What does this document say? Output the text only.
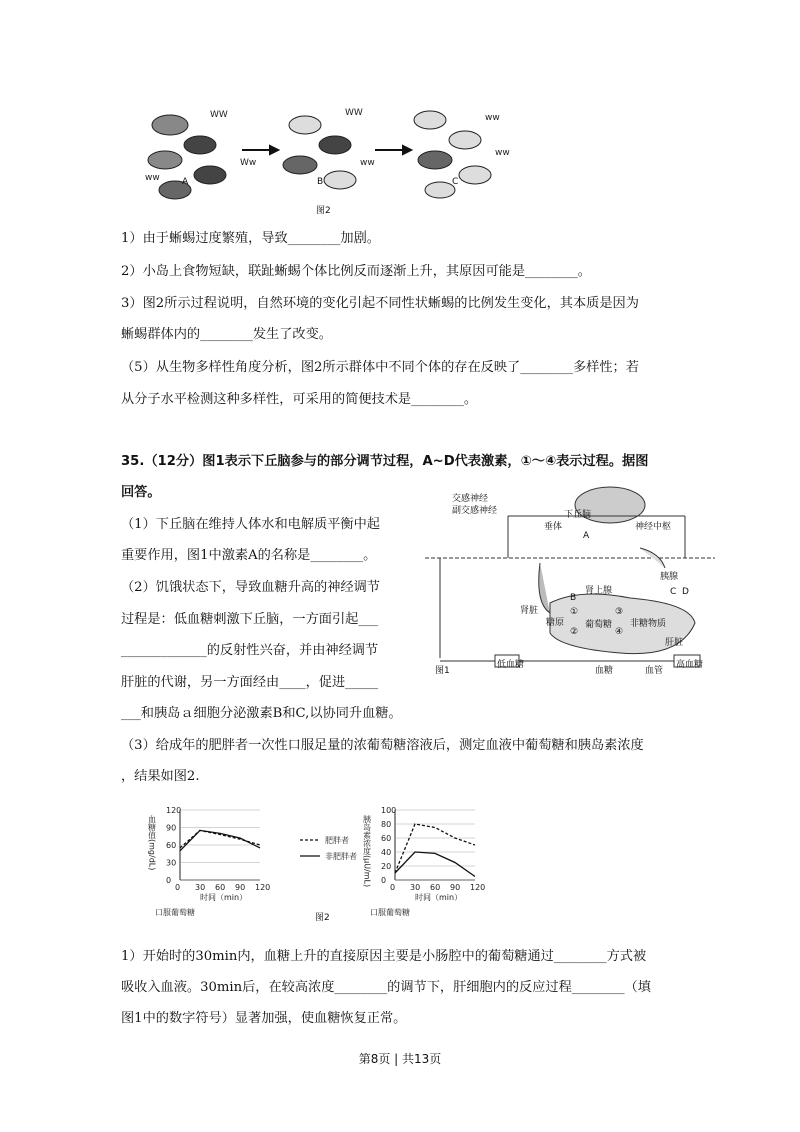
WW
Ww
ww
WW
ww
ww
ww
A	B	C
图2
1）由于蜥蜴过度繁殖，导致________加剧。
2）小岛上食物短缺，联趾蜥蜴个体比例反而逐渐上升，其原因可能是________。
3）图2所示过程说明，自然环境的变化引起不同性状蜥蜴的比例发生变化，其本质是因为
蜥蜴群体内的________发生了改变。
（5）从生物多样性角度分析，图2所示群体中不同个体的存在反映了________多样性；若
从分子水平检测这种多样性，可采用的简便技术是________。
35.（12分）图1表示下丘脑参与的部分调节过程，A~D代表激素，①～④表示过程。据图
回答。
（1）下丘脑在维持人体水和电解质平衡中起
重要作用，图1中激素A的名称是________。
（2）饥饿状态下，导致血糖升高的神经调节
过程是：低血糖刺激下丘脑，一方面引起___
_____________的反射性兴奋，并由神经调节
肝脏的代谢，另一方面经由____，促进_____
___和胰岛ａ细胞分泌激素B和C,以协同升血糖。
（3）给成年的肥胖者一次性口服足量的浓葡萄糖溶液后，测定血液中葡萄糖和胰岛素浓度
，结果如图2.
交感神经
副交感神经	下丘脑
垂体
A
神经中枢
肾上腺
胰腺
肾脏
糖原 葡萄糖 非糖物质
肝脏
低血糖
血糖	血管
高血糖
B
C D
①
②
③
④
图1
0
30
60
90
120
0 30 60 90 120
时间（min）
血糖值(mg/dL)
口服葡萄糖
0
20
40
60
80
100
0 30 60 90 120
时间（min）
胰岛素浓度(μU/mL)
口服葡萄糖
肥胖者
非肥胖者
图2
1）开始时的30min内，血糖上升的直接原因主要是小肠腔中的葡萄糖通过________方式被
吸收入血液。30min后，在较高浓度________的调节下，肝细胞内的反应过程________（填
图1中的数字符号）显著加强，使血糖恢复正常。
第8页 | 共13页
